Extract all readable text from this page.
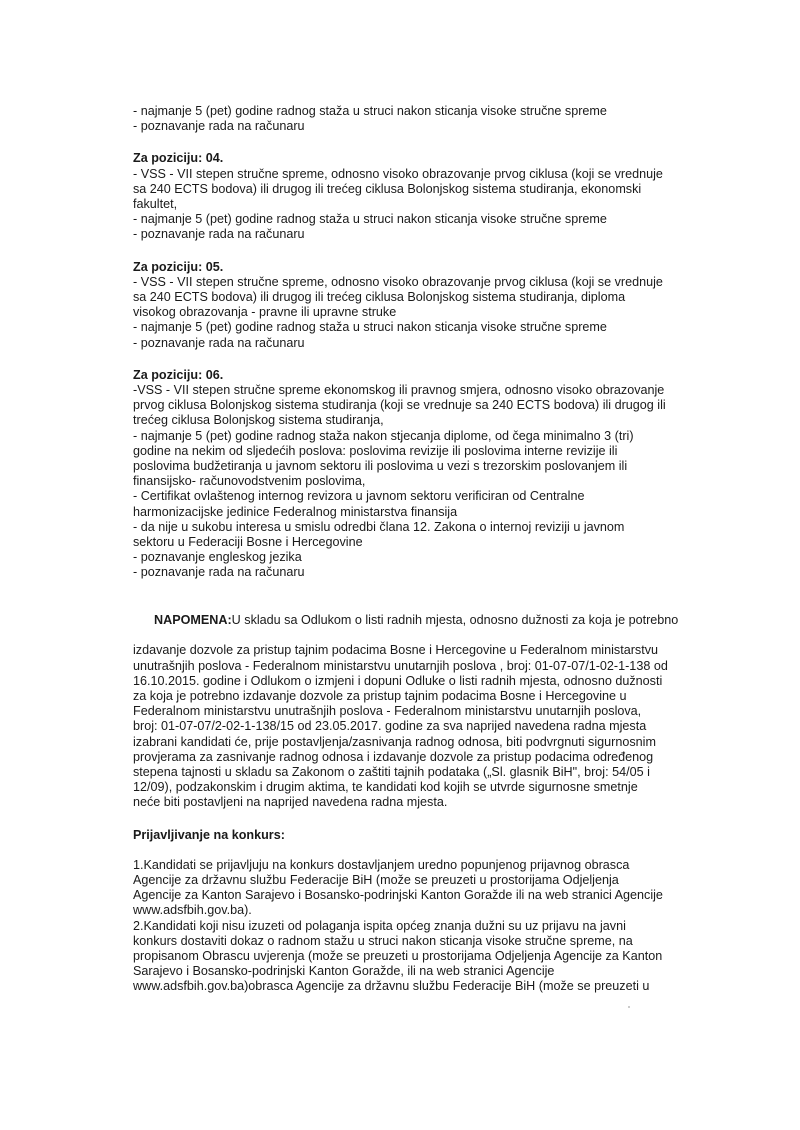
- najmanje 5 (pet) godine radnog staža u struci nakon sticanja visoke stručne spreme
- poznavanje rada na računaru
Za poziciju: 04.
- VSS - VII stepen stručne spreme, odnosno visoko obrazovanje prvog ciklusa (koji se vrednuje
sa 240 ECTS bodova) ili drugog ili trećeg ciklusa Bolonjskog sistema studiranja, ekonomski
fakultet,
- najmanje 5 (pet) godine radnog staža u struci nakon sticanja visoke stručne spreme
- poznavanje rada na računaru
Za poziciju: 05.
- VSS - VII stepen stručne spreme, odnosno visoko obrazovanje prvog ciklusa (koji se vrednuje
sa 240 ECTS bodova) ili drugog ili trećeg ciklusa Bolonjskog sistema studiranja, diploma
visokog obrazovanja - pravne ili upravne struke
- najmanje 5 (pet) godine radnog staža u struci nakon sticanja visoke stručne spreme
- poznavanje rada na računaru
Za poziciju: 06.
-VSS - VII stepen stručne spreme ekonomskog ili pravnog smjera, odnosno visoko obrazovanje
prvog ciklusa Bolonjskog sistema studiranja (koji se vrednuje sa 240 ECTS bodova) ili drugog ili
trećeg ciklusa Bolonjskog sistema studiranja,
- najmanje 5 (pet) godine radnog staža nakon stjecanja diplome, od čega minimalno 3 (tri)
godine na nekim od sljedećih poslova: poslovima revizije ili poslovima interne revizije ili
poslovima budžetiranja u javnom sektoru ili poslovima u vezi s trezorskim poslovanjem ili
finansijsko- računovodstvenim poslovima,
- Certifikat ovlaštenog internog revizora u javnom sektoru verificiran od Centralne
harmonizacijske jedinice Federalnog ministarstva finansija
- da nije u sukobu interesa u smislu odredbi člana 12. Zakona o internoj reviziji u javnom
sektoru u Federaciji Bosne i Hercegovine
- poznavanje engleskog jezika
- poznavanje rada na računaru

NAPOMENA:U skladu sa Odlukom o listi radnih mjesta, odnosno dužnosti za koja je potrebno

izdavanje dozvole za pristup tajnim podacima Bosne i Hercegovine u Federalnom ministarstvu
unutrašnjih poslova - Federalnom ministarstvu unutarnjih poslova , broj: 01-07-07/1-02-1-138 od
16.10.2015. godine i Odlukom o izmjeni i dopuni Odluke o listi radnih mjesta, odnosno dužnosti
za koja je potrebno izdavanje dozvole za pristup tajnim podacima Bosne i Hercegovine u
Federalnom ministarstvu unutrašnjih poslova - Federalnom ministarstvu unutarnjih poslova,
broj: 01-07-07/2-02-1-138/15 od 23.05.2017. godine za sva naprijed navedena radna mjesta
izabrani kandidati će, prije postavljenja/zasnivanja radnog odnosa, biti podvrgnuti sigurnosnim
provjerama za zasnivanje radnog odnosa i izdavanje dozvole za pristup podacima određenog
stepena tajnosti u skladu sa Zakonom o zaštiti tajnih podataka („Sl. glasnik BiH", broj: 54/05 i
12/09), podzakonskim i drugim aktima, te kandidati kod kojih se utvrde sigurnosne smetnje
neće biti postavljeni na naprijed navedena radna mjesta.
Prijavljivanje na konkurs:
1.Kandidati se prijavljuju na konkurs dostavljanjem uredno popunjenog prijavnog obrasca
Agencije za državnu službu Federacije BiH (može se preuzeti u prostorijama Odjeljenja
Agencije za Kanton Sarajevo i Bosansko-podrinjski Kanton Goražde ili na web stranici Agencije
www.adsfbih.gov.ba).
2.Kandidati koji nisu izuzeti od polaganja ispita općeg znanja dužni su uz prijavu na javni
konkurs dostaviti dokaz o radnom stažu u struci nakon sticanja visoke stručne spreme, na
propisanom Obrascu uvjerenja (može se preuzeti u prostorijama Odjeljenja Agencije za Kanton
Sarajevo i Bosansko-podrinjski Kanton Goražde, ili na web stranici Agencije
www.adsfbih.gov.ba)obrasca Agencije za državnu službu Federacije BiH (može se preuzeti u
